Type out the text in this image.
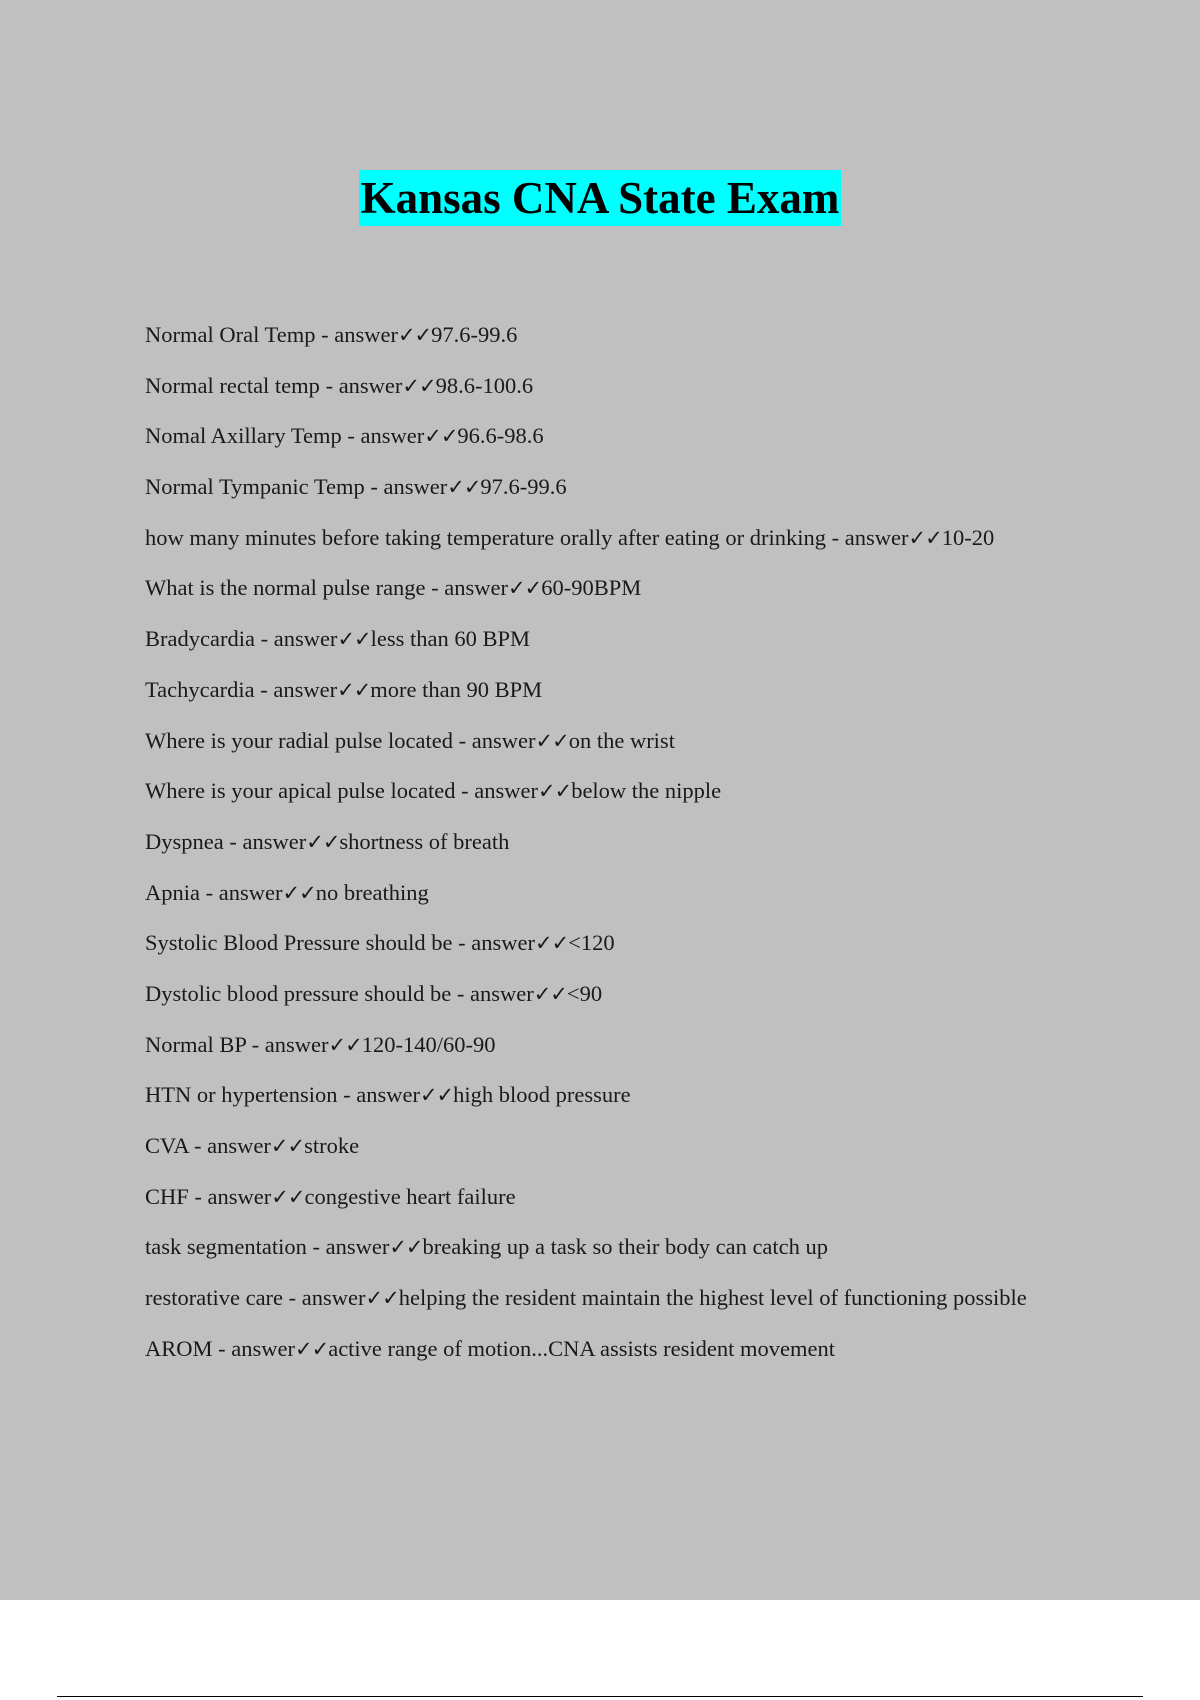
Kansas CNA State Exam
Normal Oral Temp - answer✓✓97.6-99.6
Normal rectal temp - answer✓✓98.6-100.6
Nomal Axillary Temp - answer✓✓96.6-98.6
Normal Tympanic Temp - answer✓✓97.6-99.6
how many minutes before taking temperature orally after eating or drinking - answer✓✓10-20
What is the normal pulse range - answer✓✓60-90BPM
Bradycardia - answer✓✓less than 60 BPM
Tachycardia - answer✓✓more than 90 BPM
Where is your radial pulse located - answer✓✓on the wrist
Where is your apical pulse located - answer✓✓below the nipple
Dyspnea - answer✓✓shortness of breath
Apnia - answer✓✓no breathing
Systolic Blood Pressure should be - answer✓✓<120
Dystolic blood pressure should be - answer✓✓<90
Normal BP - answer✓✓120-140/60-90
HTN or hypertension - answer✓✓high blood pressure
CVA - answer✓✓stroke
CHF - answer✓✓congestive heart failure
task segmentation - answer✓✓breaking up a task so their body can catch up
restorative care - answer✓✓helping the resident maintain the highest level of functioning possible
AROM - answer✓✓active range of motion...CNA assists resident movement
